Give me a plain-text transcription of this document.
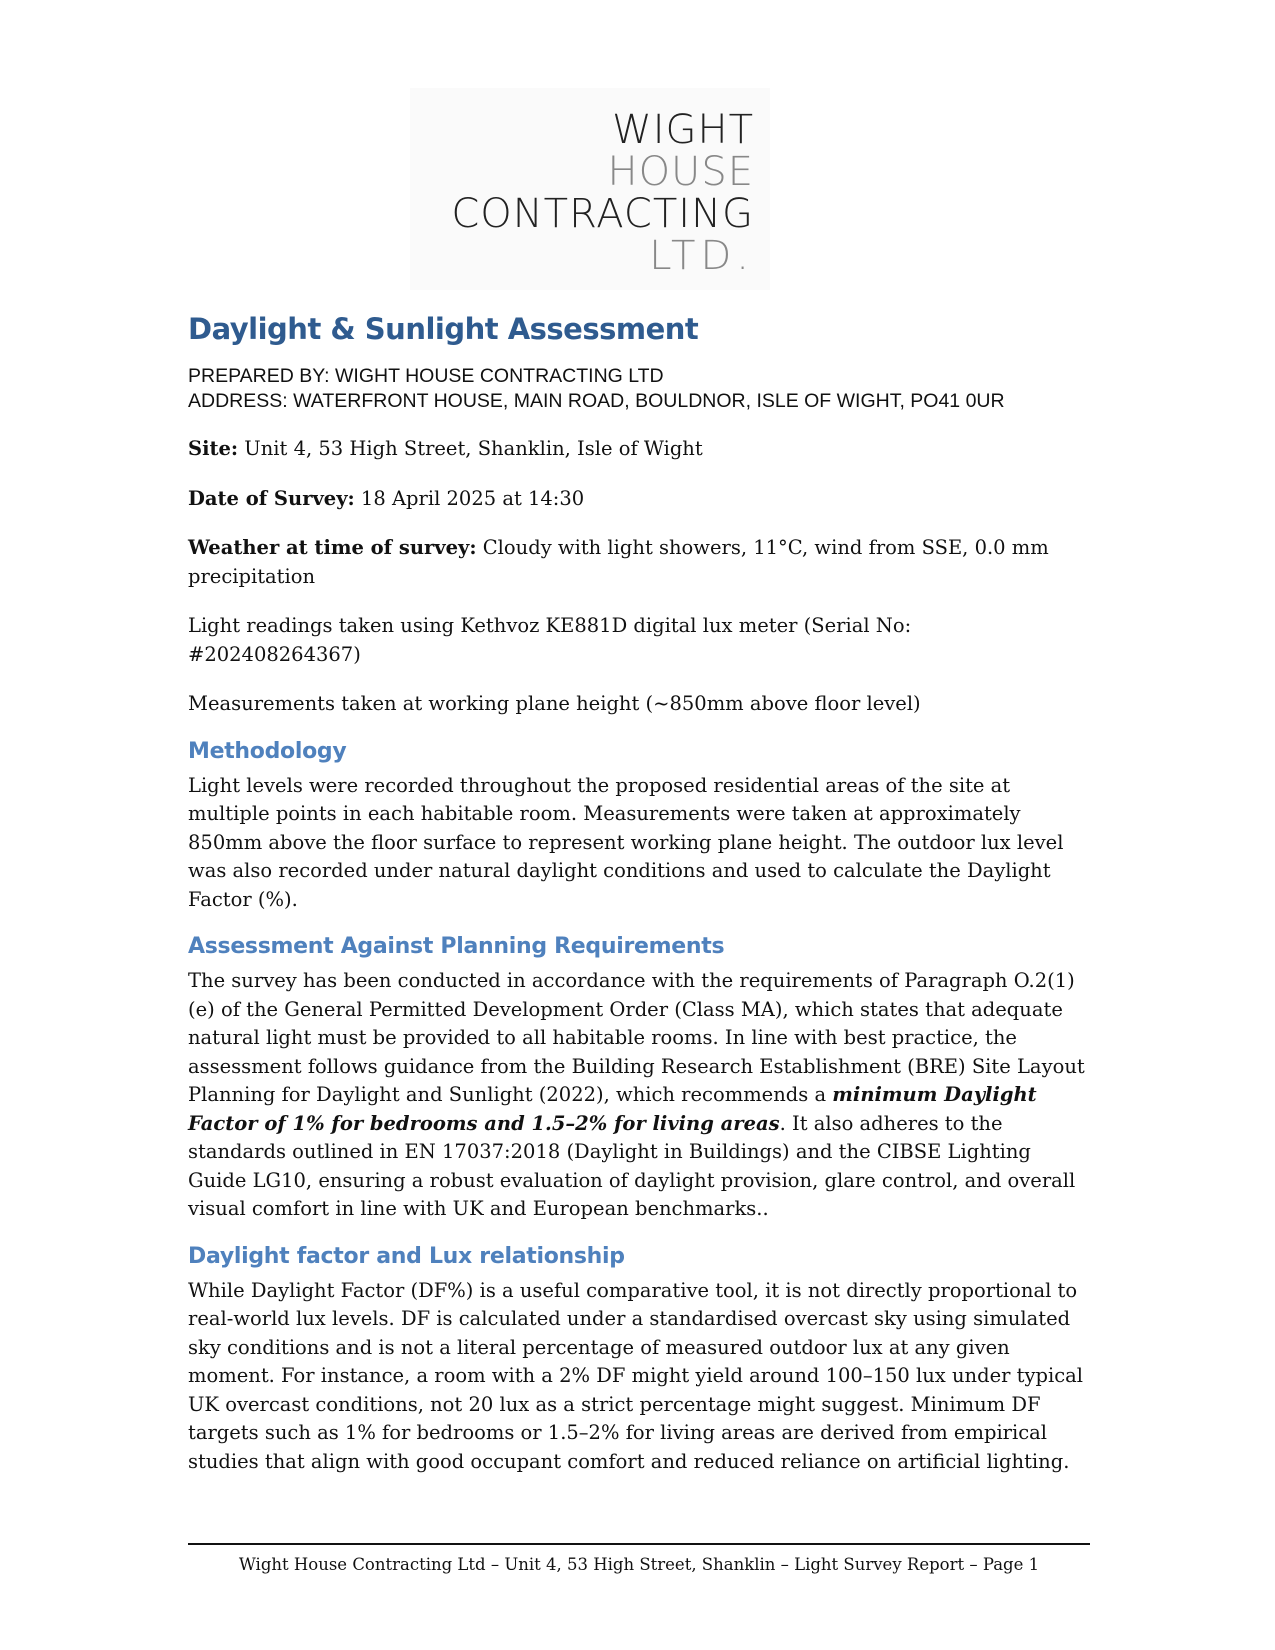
WIGHT
HOUSE
CONTRACTING
LTD.
Daylight & Sunlight Assessment
PREPARED BY: WIGHT HOUSE CONTRACTING LTD
ADDRESS: WATERFRONT HOUSE, MAIN ROAD, BOULDNOR, ISLE OF WIGHT, PO41 0UR

Site: Unit 4, 53 High Street, Shanklin, Isle of Wight

Date of Survey: 18 April 2025 at 14:30

Weather at time of survey: Cloudy with light showers, 11°C, wind from SSE, 0.0 mm precipitation

Light readings taken using Kethvoz KE881D digital lux meter (Serial No: #202408264367)

Measurements taken at working plane height (~850mm above floor level)

Methodology

Light levels were recorded throughout the proposed residential areas of the site at multiple points in each habitable room. Measurements were taken at approximately 850mm above the floor surface to represent working plane height. The outdoor lux level was also recorded under natural daylight conditions and used to calculate the Daylight Factor (%).

Assessment Against Planning Requirements

The survey has been conducted in accordance with the requirements of Paragraph O.2(1)(e) of the General Permitted Development Order (Class MA), which states that adequate natural light must be provided to all habitable rooms. In line with best practice, the assessment follows guidance from the Building Research Establishment (BRE) Site Layout Planning for Daylight and Sunlight (2022), which recommends a minimum Daylight Factor of 1% for bedrooms and 1.5–2% for living areas. It also adheres to the standards outlined in EN 17037:2018 (Daylight in Buildings) and the CIBSE Lighting Guide LG10, ensuring a robust evaluation of daylight provision, glare control, and overall visual comfort in line with UK and European benchmarks..

Daylight factor and Lux relationship

While Daylight Factor (DF%) is a useful comparative tool, it is not directly proportional to real-world lux levels. DF is calculated under a standardised overcast sky using simulated sky conditions and is not a literal percentage of measured outdoor lux at any given moment. For instance, a room with a 2% DF might yield around 100–150 lux under typical UK overcast conditions, not 20 lux as a strict percentage might suggest. Minimum DF targets such as 1% for bedrooms or 1.5–2% for living areas are derived from empirical studies that align with good occupant comfort and reduced reliance on artificial lighting.

Wight House Contracting Ltd – Unit 4, 53 High Street, Shanklin – Light Survey Report – Page 1
